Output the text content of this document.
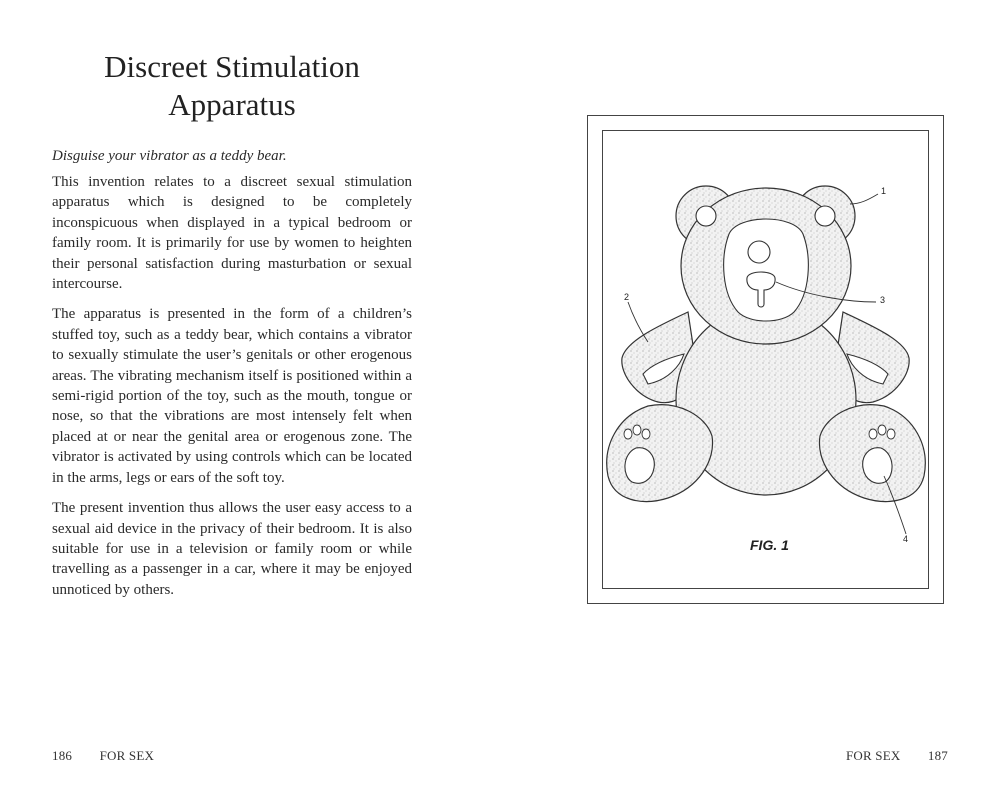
Discreet Stimulation
Apparatus

Disguise your vibrator as a teddy bear.

This invention relates to a discreet sexual stimulation apparatus which is designed to be completely inconspicuous when displayed in a typical bedroom or family room. It is primarily for use by women to heighten their personal satisfaction during masturbation or sexual intercourse.

The apparatus is presented in the form of a children’s stuffed toy, such as a teddy bear, which contains a vibrator to sexually stimulate the user’s genitals or other erogenous areas. The vibrating mechanism itself is positioned within a semi-rigid portion of the toy, such as the mouth, tongue or nose, so that the vibrations are most intensely felt when placed at or near the genital area or erogenous zone. The vibrator is activated by using controls which can be located in the arms, legs or ears of the soft toy.

The present invention thus allows the user easy access to a sexual aid device in the privacy of their bedroom. It is also suitable for use in a television or family room or while travelling as a passenger in a car, where it may be enjoyed unnoticed by others.

186 FOR SEX	FOR SEX 187
1
2	3
4
FIG. 1
